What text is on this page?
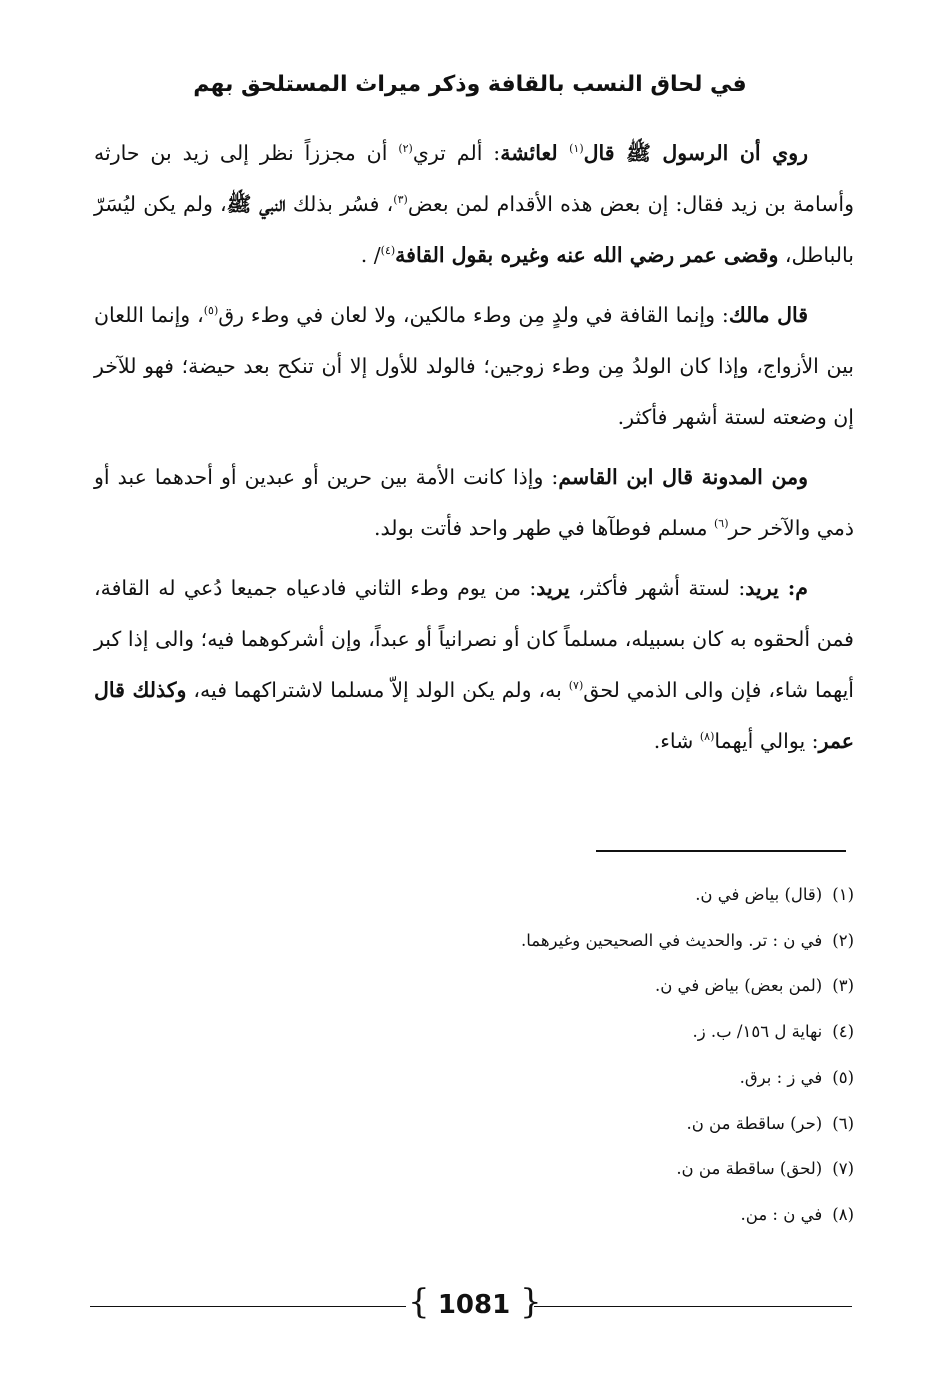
في لحاق النسب بالقافة وذكر ميراث المستلحق بهم

روي أن الرسول ﷺ قال$^{(١)}$ لعائشة: ألم تري$^{(٢)}$ أن مجززاً نظر إلى زيد بن حارثه وأسامة بن زيد فقال: إن بعض هذه الأقدام لمن بعض$^{(٣)}$، فسُر بذلك النبي ﷺ، ولم يكن ليُسَرّ بالباطل، وقضى عمر رضي الله عنه وغيره بقول القافة$^{(٤)}$/ .

قال مالك: وإنما القافة في ولدٍ مِن وطء مالكين، ولا لعان في وطء رق$^{(٥)}$، وإنما اللعان بين الأزواج، وإذا كان الولدُ مِن وطء زوجين؛ فالولد للأول إلا أن تنكح بعد حيضة؛ فهو للآخر إن وضعته لستة أشهر فأكثر.

ومن المدونة قال ابن القاسم: وإذا كانت الأمة بين حرين أو عبدين أو أحدهما عبد أو ذمي والآخر حر$^{(٦)}$ مسلم فوطآها في طهر واحد فأتت بولد.

م: يريد: لستة أشهر فأكثر، يريد: من يوم وطء الثاني فادعياه جميعا دُعي له القافة، فمن ألحقوه به كان بسبيله، مسلماً كان أو نصرانياً أو عبداً، وإن أشركوهما فيه؛ والى إذا كبر أيهما شاء، فإن والى الذمي لحق$^{(٧)}$ به، ولم يكن الولد إلاّ مسلما لاشتراكهما فيه، وكذلك قال عمر: يوالي أيهما$^{(٨)}$ شاء.

(١)(قال) بياض في ن.
(٢)في ن : تر. والحديث في الصحيحين وغيرهما.
(٣)(لمن بعض) بياض في ن.
(٤)نهاية ل ١٥٦/ ب. ز.
(٥)في ز : برق.
(٦)(حر) ساقطة من ن.
(٧)(لحق) ساقطة من ن.
(٨)في ن : من.
{ 1081 }
